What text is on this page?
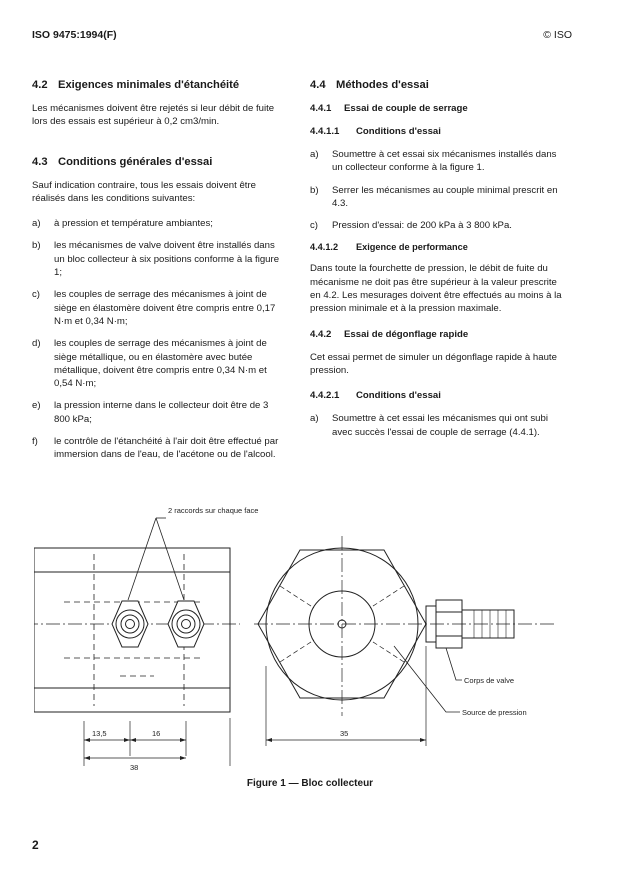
ISO 9475:1994(F)	© ISO
4.2 Exigences minimales d'étanchéité

Les mécanismes doivent être rejetés si leur débit de fuite lors des essais est supérieur à 0,2 cm3/min.

4.3 Conditions générales d'essai

Sauf indication contraire, tous les essais doivent être réalisés dans les conditions suivantes:

a)	à pression et température ambiantes;
b)	les mécanismes de valve doivent être installés dans un bloc collecteur à six positions conforme à la figure 1;
c)	les couples de serrage des mécanismes à joint de siège en élastomère doivent être compris entre 0,17 N·m et 0,34 N·m;
d)	les couples de serrage des mécanismes à joint de siège métallique, ou en élastomère avec butée métallique, doivent être compris entre 0,34 N·m et 0,54 N·m;
e)	la pression interne dans le collecteur doit être de 3 800 kPa;
f)	le contrôle de l'étanchéité à l'air doit être effectué par immersion dans de l'eau, de l'acétone ou de l'alcool.
4.4 Méthodes d'essai
4.4.1 Essai de couple de serrage
4.4.1.1 Conditions d'essai
a)	Soumettre à cet essai six mécanismes installés dans un collecteur conforme à la figure 1.
b)	Serrer les mécanismes au couple minimal prescrit en 4.3.
c)	Pression d'essai: de 200 kPa à 3 800 kPa.
4.4.1.2 Exigence de performance

Dans toute la fourchette de pression, le débit de fuite du mécanisme ne doit pas être supérieur à la valeur prescrite en 4.2. Les mesurages doivent être effectués au moins à la pression minimale et à la pression maximale.

4.4.2 Essai de dégonflage rapide

Cet essai permet de simuler un dégonflage rapide à haute pression.

4.4.2.1 Conditions d'essai
a)	Soumettre à cet essai les mécanismes qui ont subi avec succès l'essai de couple de serrage (4.4.1).
2 raccords sur chaque face
Corps de valve
Source de pression
13,5	16
38
35
Figure 1 — Bloc collecteur
2
